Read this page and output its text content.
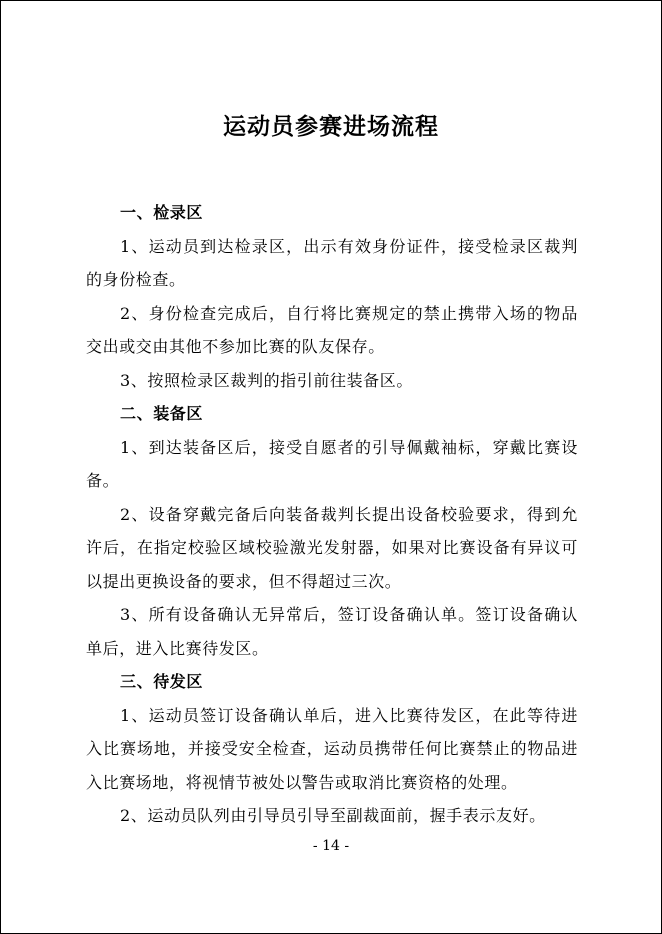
运动员参赛进场流程

一、检录区

1、运动员到达检录区，出示有效身份证件，接受检录区裁判的身份检查。

2、身份检查完成后，自行将比赛规定的禁止携带入场的物品交出或交由其他不参加比赛的队友保存。

3、按照检录区裁判的指引前往装备区。

二、装备区

1、到达装备区后，接受自愿者的引导佩戴袖标，穿戴比赛设备。

2、设备穿戴完备后向装备裁判长提出设备校验要求，得到允许后，在指定校验区域校验激光发射器，如果对比赛设备有异议可以提出更换设备的要求，但不得超过三次。

3、所有设备确认无异常后，签订设备确认单。签订设备确认单后，进入比赛待发区。

三、待发区

1、运动员签订设备确认单后，进入比赛待发区，在此等待进入比赛场地，并接受安全检查，运动员携带任何比赛禁止的物品进入比赛场地，将视情节被处以警告或取消比赛资格的处理。

2、运动员队列由引导员引导至副裁面前，握手表示友好。

- 14 -
